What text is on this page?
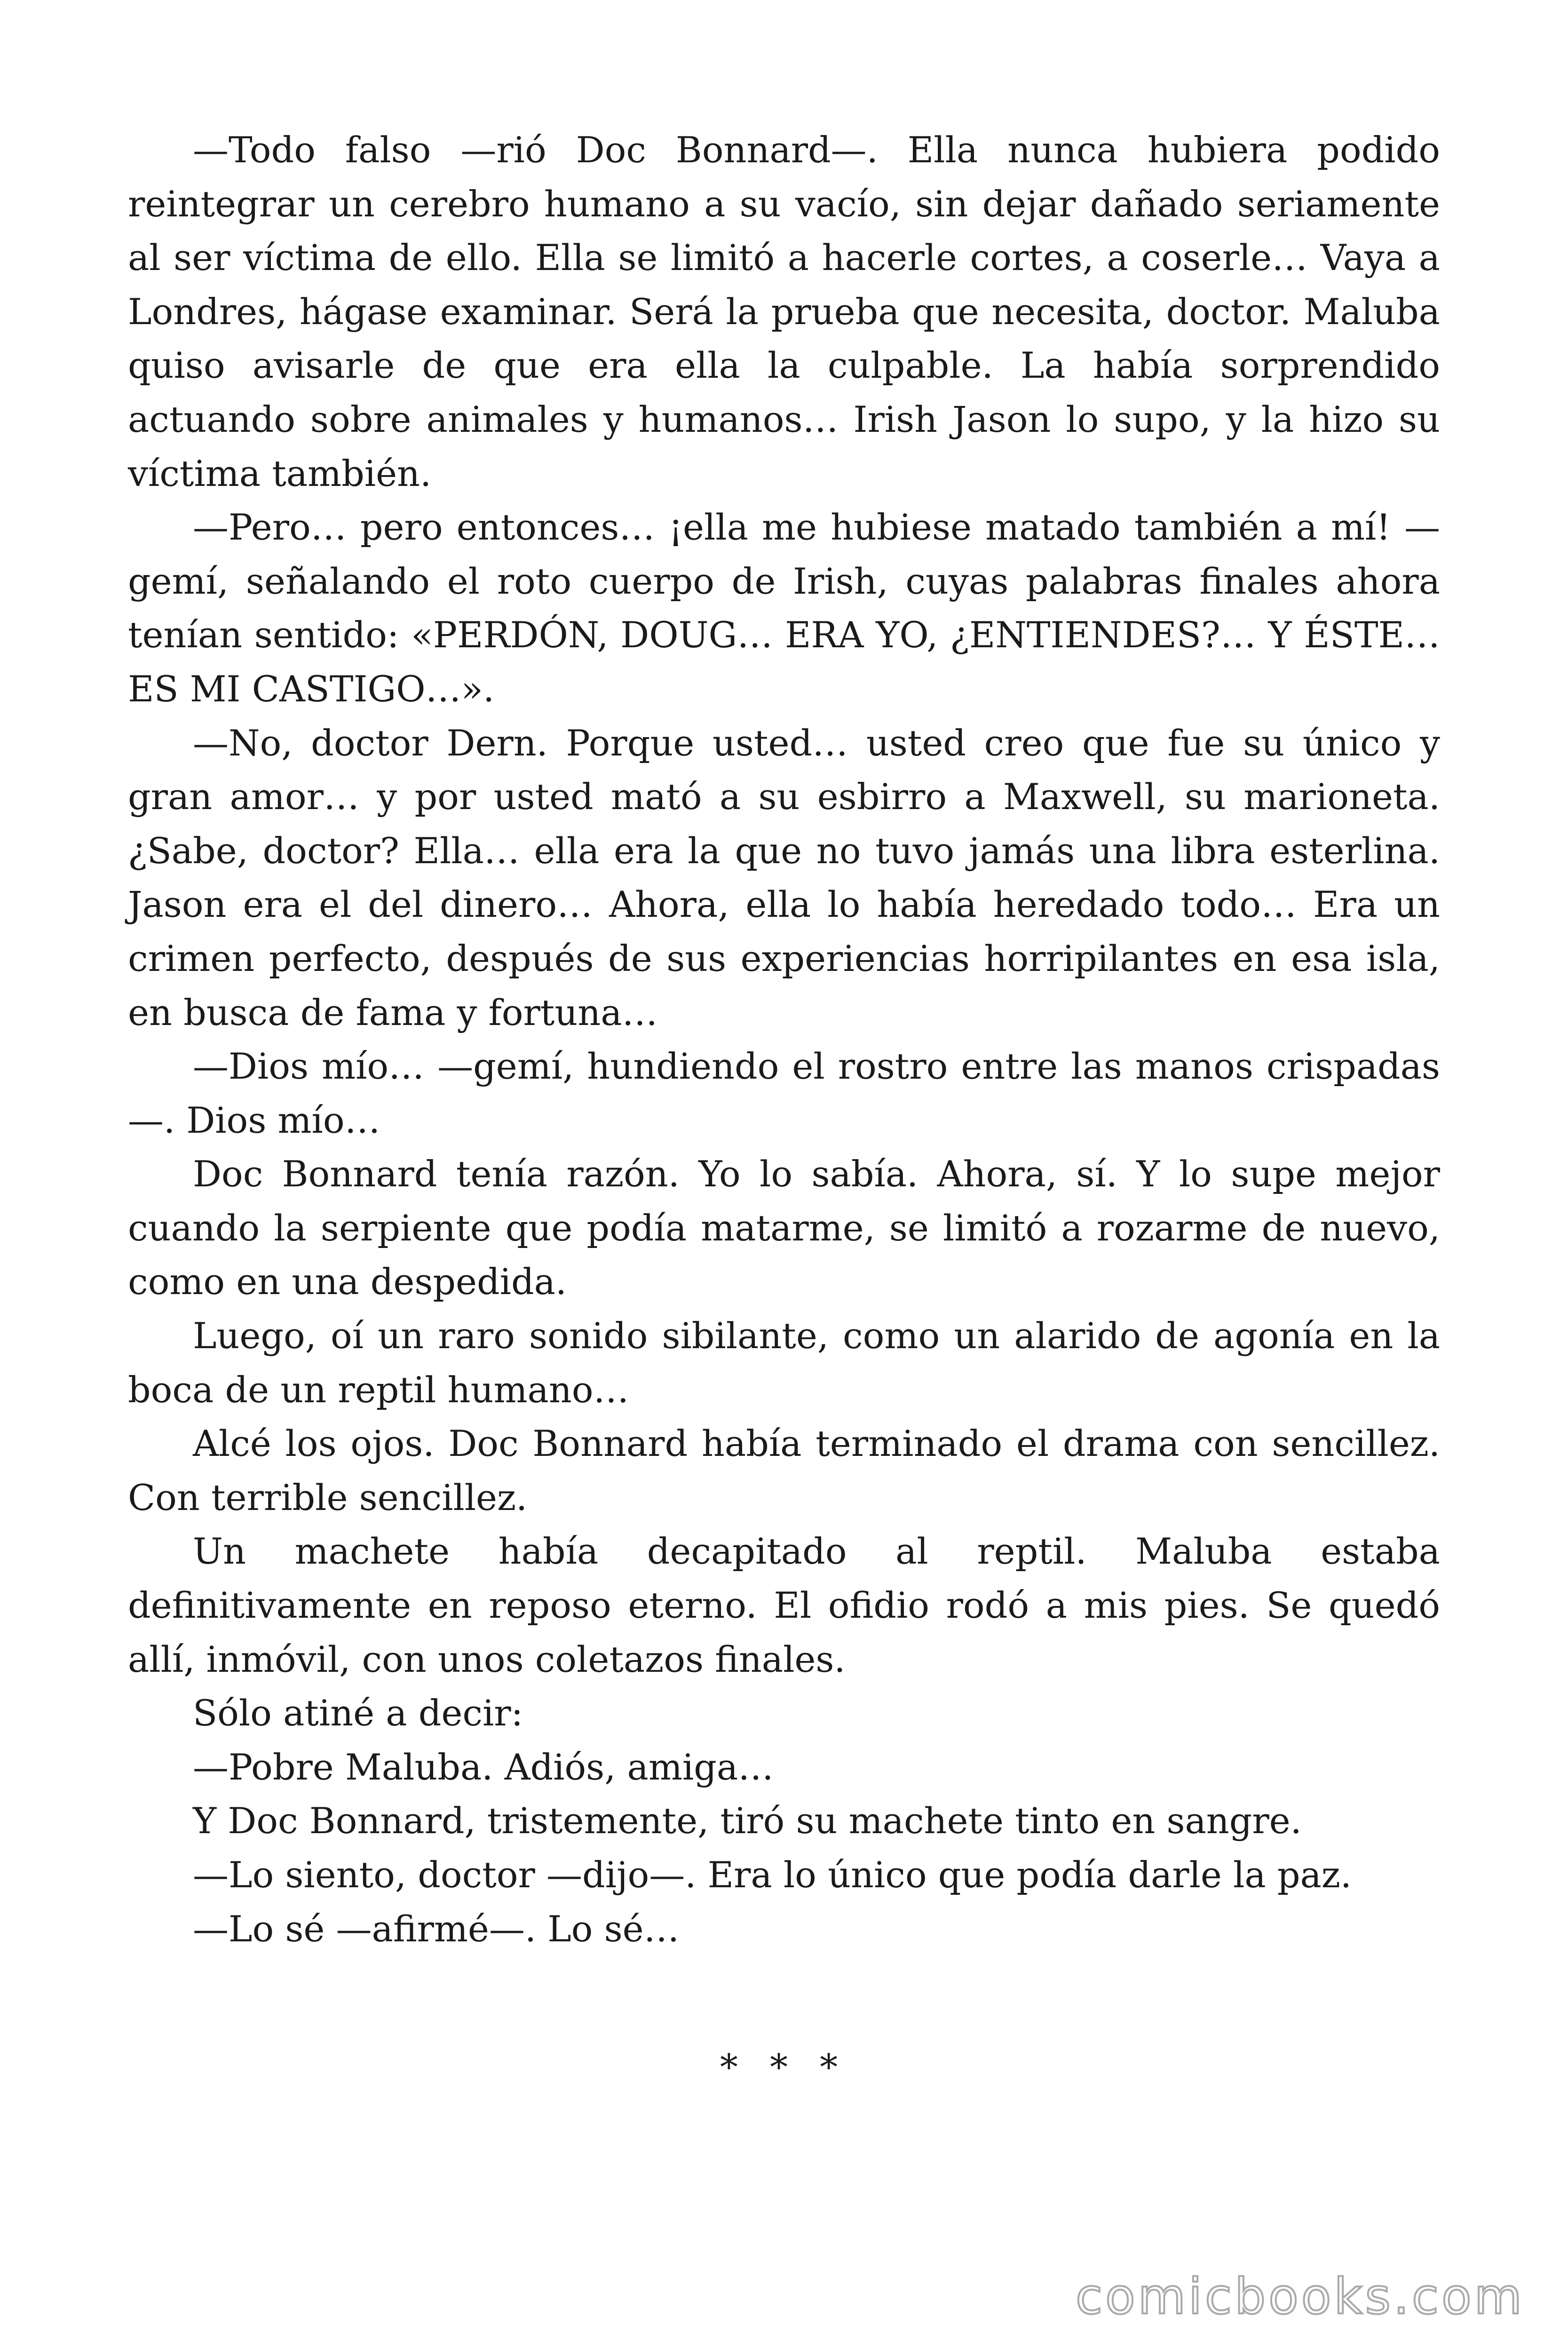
—Todo falso —rió Doc Bonnard—. Ella nunca hubiera podido reintegrar un cerebro humano a su vacío, sin dejar dañado seriamente al ser víctima de ello. Ella se limitó a hacerle cortes, a coserle… Vaya a Londres, hágase examinar. Será la prueba que necesita, doctor. Maluba quiso avisarle de que era ella la culpable. La había sorprendido actuando sobre animales y humanos… Irish Jason lo supo, y la hizo su víctima también.

—Pero… pero entonces… ¡ella me hubiese matado también a mí! —gemí, señalando el roto cuerpo de Irish, cuyas palabras finales ahora tenían sentido: «PERDÓN, DOUG… ERA YO, ¿ENTIENDES?… Y ÉSTE… ES MI CASTIGO…».

—No, doctor Dern. Porque usted… usted creo que fue su único y gran amor… y por usted mató a su esbirro a Maxwell, su marioneta. ¿Sabe, doctor? Ella… ella era la que no tuvo jamás una libra esterlina. Jason era el del dinero… Ahora, ella lo había heredado todo… Era un crimen perfecto, después de sus experiencias horripilantes en esa isla, en busca de fama y fortuna…

—Dios mío… —gemí, hundiendo el rostro entre las manos crispadas—. Dios mío…

Doc Bonnard tenía razón. Yo lo sabía. Ahora, sí. Y lo supe mejor cuando la serpiente que podía matarme, se limitó a rozarme de nuevo, como en una despedida.

Luego, oí un raro sonido sibilante, como un alarido de agonía en la boca de un reptil humano…

Alcé los ojos. Doc Bonnard había terminado el drama con sencillez. Con terrible sencillez.

Un machete había decapitado al reptil. Maluba estaba definitivamente en reposo eterno. El ofidio rodó a mis pies. Se quedó allí, inmóvil, con unos coletazos finales.

Sólo atiné a decir:

—Pobre Maluba. Adiós, amiga…

Y Doc Bonnard, tristemente, tiró su machete tinto en sangre.

—Lo siento, doctor —dijo—. Era lo único que podía darle la paz.

—Lo sé —afirmé—. Lo sé…

* * *
comicbooks.com
